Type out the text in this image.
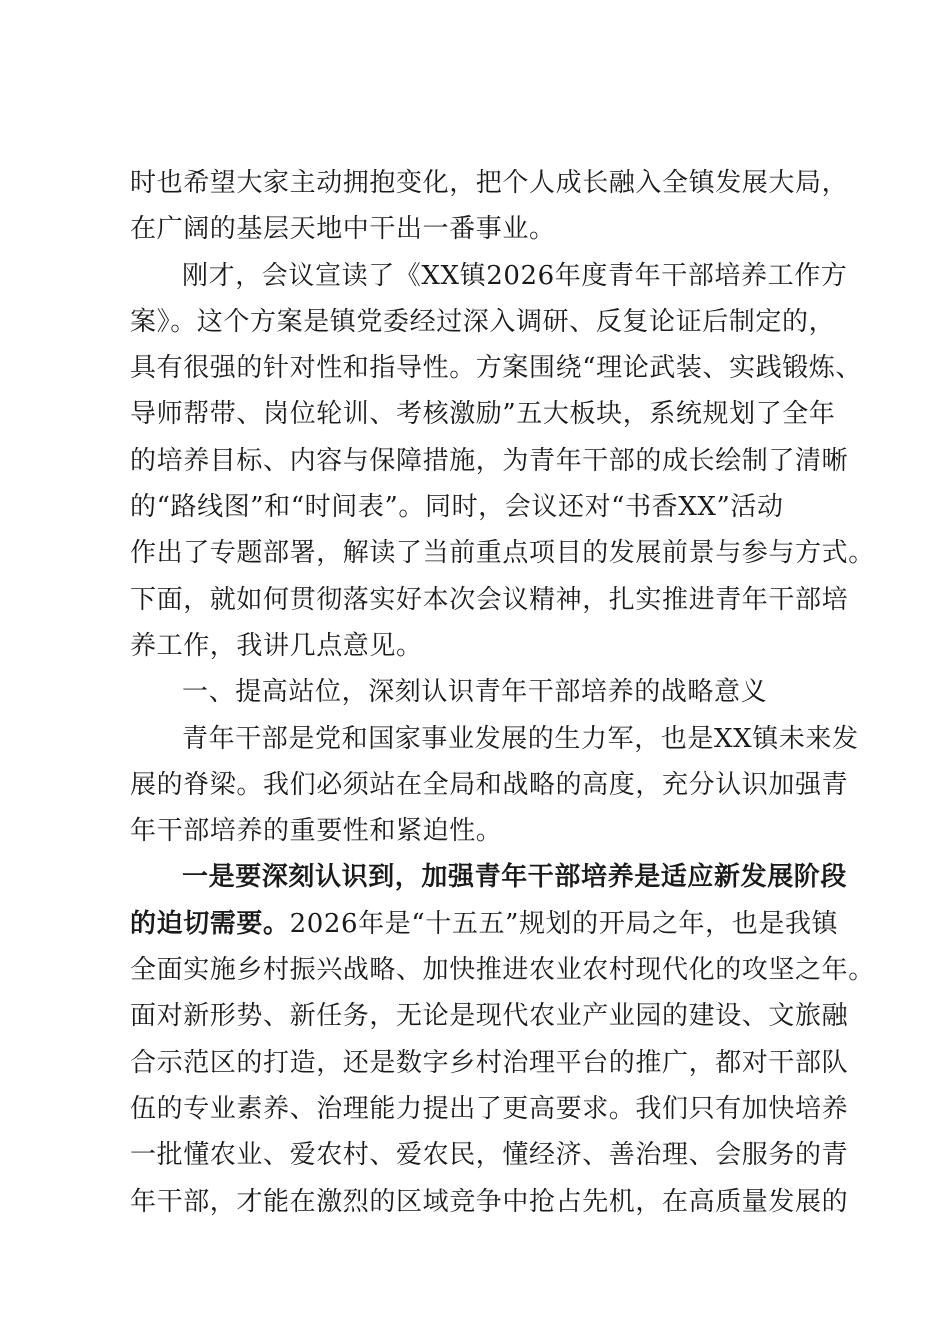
时也希望大家主动拥抱变化，把个人成长融入全镇发展大局，
在广阔的基层天地中干出一番事业。
刚才，会议宣读了《XX镇2026年度青年干部培养工作方
案》。这个方案是镇党委经过深入调研、反复论证后制定的，
具有很强的针对性和指导性。方案围绕“理论武装、实践锻炼、
导师帮带、岗位轮训、考核激励”五大板块，系统规划了全年
的培养目标、内容与保障措施，为青年干部的成长绘制了清晰
的“路线图”和“时间表”。同时，会议还对“书香XX”活动
作出了专题部署，解读了当前重点项目的发展前景与参与方式。
下面，就如何贯彻落实好本次会议精神，扎实推进青年干部培
养工作，我讲几点意见。
一、提高站位，深刻认识青年干部培养的战略意义
青年干部是党和国家事业发展的生力军，也是XX镇未来发
展的脊梁。我们必须站在全局和战略的高度，充分认识加强青
年干部培养的重要性和紧迫性。
一是要深刻认识到，加强青年干部培养是适应新发展阶段
的迫切需要。2026年是“十五五”规划的开局之年，也是我镇
全面实施乡村振兴战略、加快推进农业农村现代化的攻坚之年。
面对新形势、新任务，无论是现代农业产业园的建设、文旅融
合示范区的打造，还是数字乡村治理平台的推广，都对干部队
伍的专业素养、治理能力提出了更高要求。我们只有加快培养
一批懂农业、爱农村、爱农民，懂经济、善治理、会服务的青
年干部，才能在激烈的区域竞争中抢占先机，在高质量发展的
